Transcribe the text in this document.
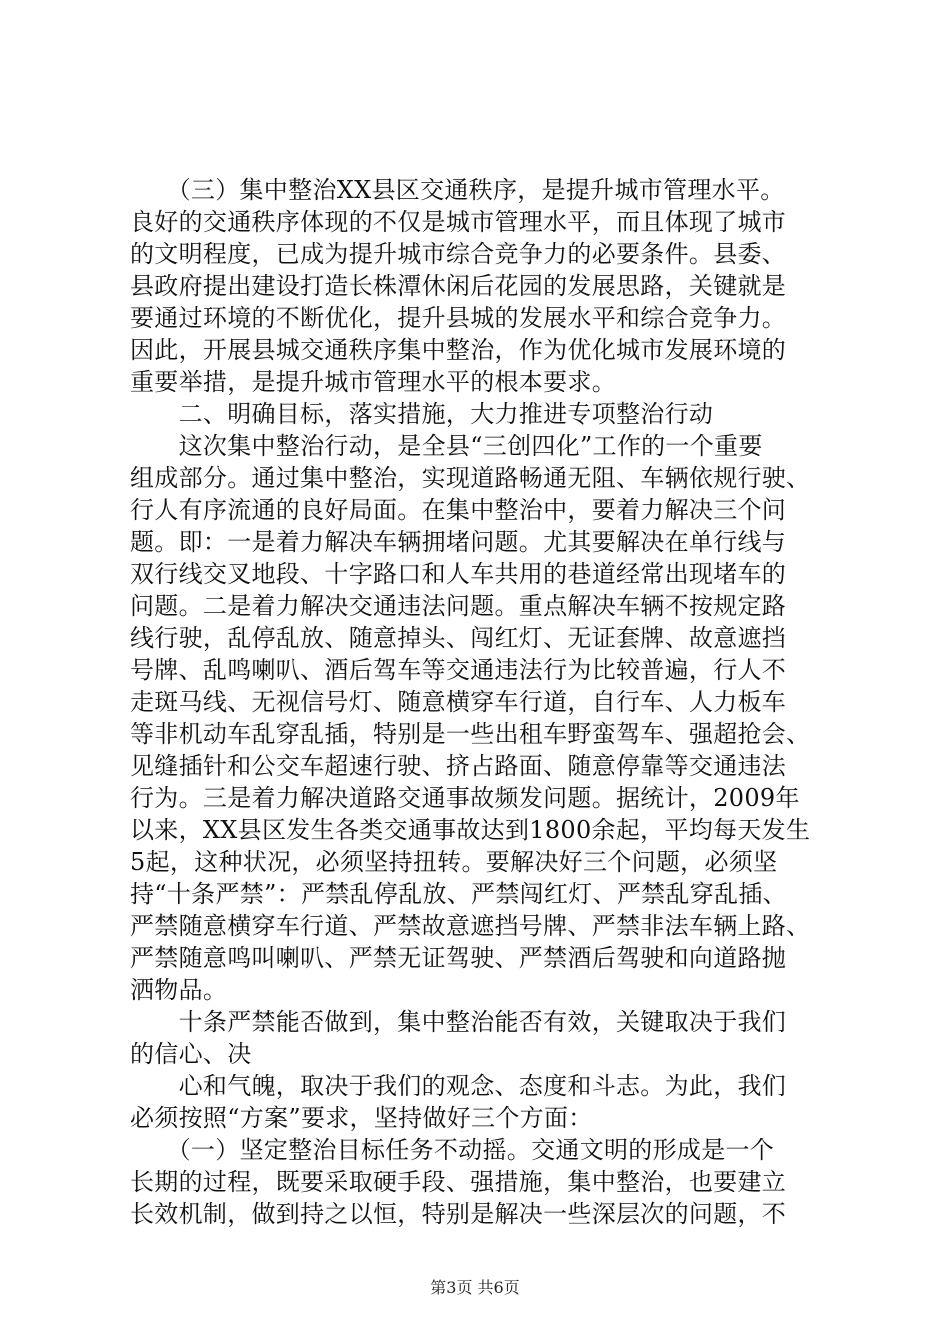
　　（三）集中整治XX县区交通秩序，是提升城市管理水平。
良好的交通秩序体现的不仅是城市管理水平，而且体现了城市
的文明程度，已成为提升城市综合竞争力的必要条件。县委、
县政府提出建设打造长株潭休闲后花园的发展思路，关键就是
要通过环境的不断优化，提升县城的发展水平和综合竞争力。
因此，开展县城交通秩序集中整治，作为优化城市发展环境的
重要举措，是提升城市管理水平的根本要求。
　　二、明确目标，落实措施，大力推进专项整治行动
　　这次集中整治行动，是全县“三创四化”工作的一个重要
组成部分。通过集中整治，实现道路畅通无阻、车辆依规行驶、
行人有序流通的良好局面。在集中整治中，要着力解决三个问
题。即：一是着力解决车辆拥堵问题。尤其要解决在单行线与
双行线交叉地段、十字路口和人车共用的巷道经常出现堵车的
问题。二是着力解决交通违法问题。重点解决车辆不按规定路
线行驶，乱停乱放、随意掉头、闯红灯、无证套牌、故意遮挡
号牌、乱鸣喇叭、酒后驾车等交通违法行为比较普遍，行人不
走斑马线、无视信号灯、随意横穿车行道，自行车、人力板车
等非机动车乱穿乱插，特别是一些出租车野蛮驾车、强超抢会、
见缝插针和公交车超速行驶、挤占路面、随意停靠等交通违法
行为。三是着力解决道路交通事故频发问题。据统计，2009年
以来，XX县区发生各类交通事故达到1800余起，平均每天发生
5起，这种状况，必须坚持扭转。要解决好三个问题，必须坚
持“十条严禁”：严禁乱停乱放、严禁闯红灯、严禁乱穿乱插、
严禁随意横穿车行道、严禁故意遮挡号牌、严禁非法车辆上路、
严禁随意鸣叫喇叭、严禁无证驾驶、严禁酒后驾驶和向道路抛
洒物品。
　　十条严禁能否做到，集中整治能否有效，关键取决于我们
的信心、决
　　心和气魄，取决于我们的观念、态度和斗志。为此，我们
必须按照“方案”要求，坚持做好三个方面：
　　（一）坚定整治目标任务不动摇。交通文明的形成是一个
长期的过程，既要采取硬手段、强措施，集中整治，也要建立
长效机制，做到持之以恒，特别是解决一些深层次的问题，不
第3页 共6页
